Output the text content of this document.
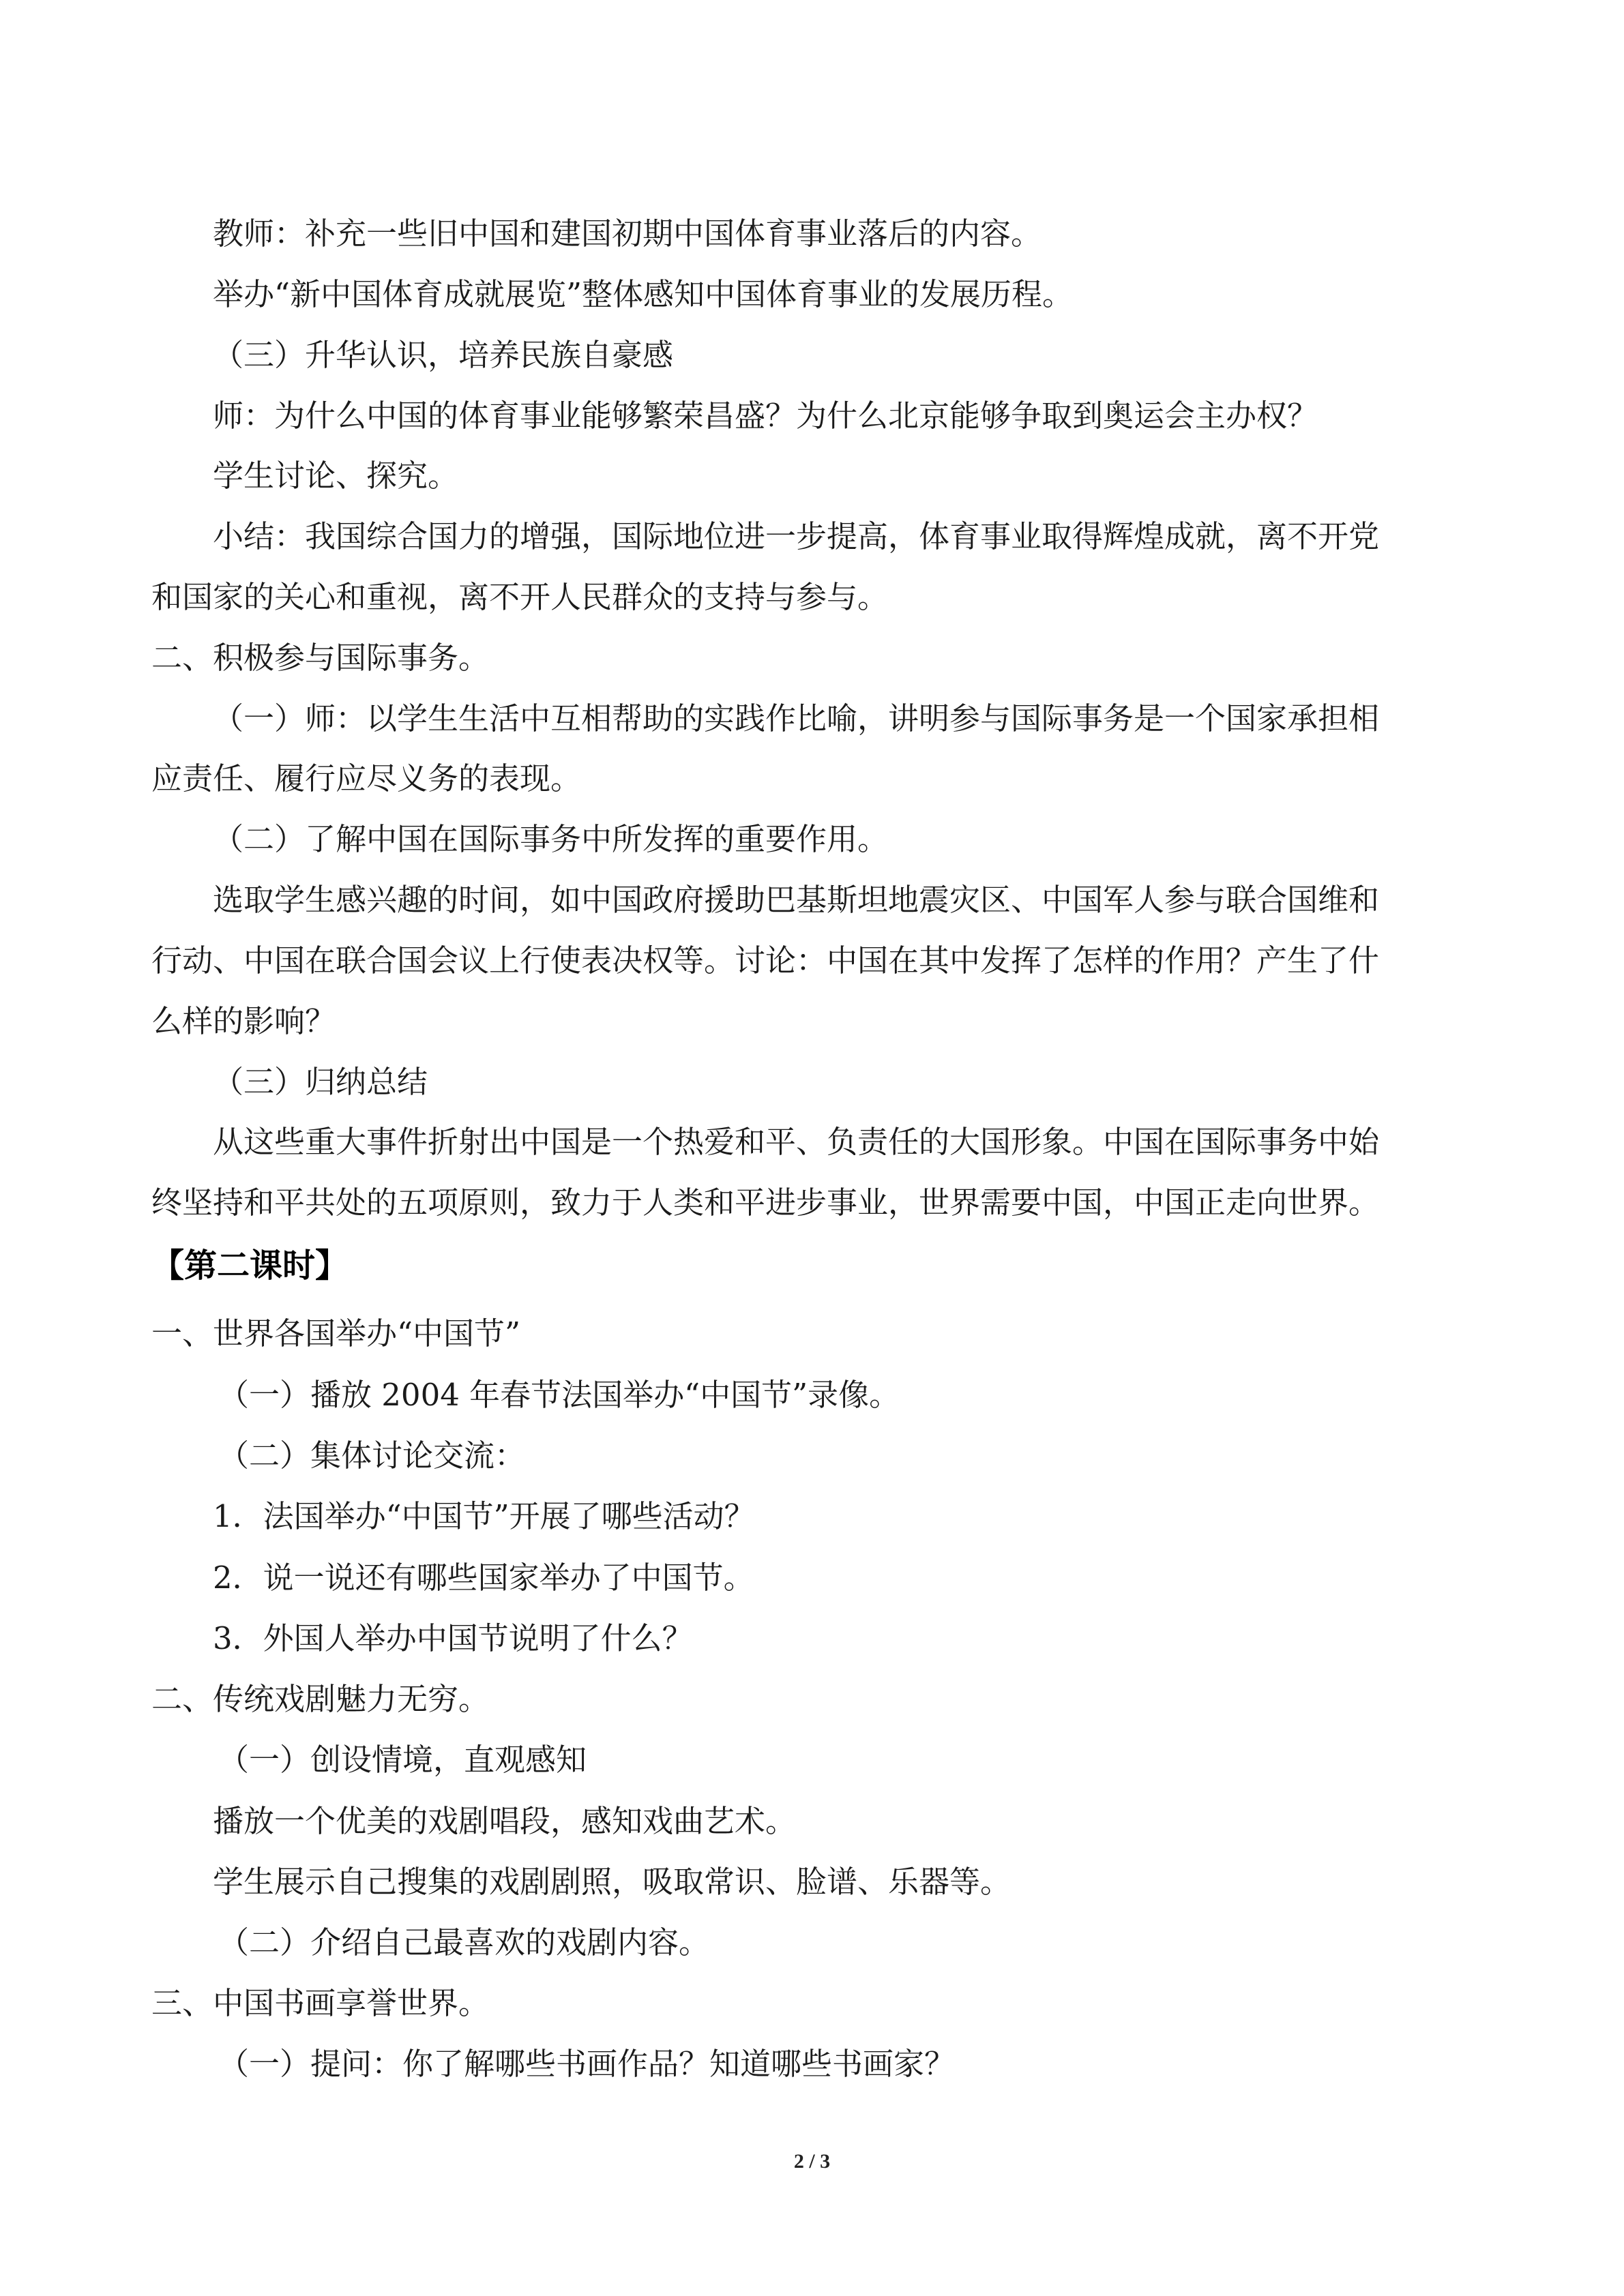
教师：补充一些旧中国和建国初期中国体育事业落后的内容。
举办“新中国体育成就展览”整体感知中国体育事业的发展历程。
（三）升华认识，培养民族自豪感
师：为什么中国的体育事业能够繁荣昌盛？为什么北京能够争取到奥运会主办权？
学生讨论、探究。
小结：我国综合国力的增强，国际地位进一步提高，体育事业取得辉煌成就，离不开党
和国家的关心和重视，离不开人民群众的支持与参与。
二、积极参与国际事务。
（一）师：以学生生活中互相帮助的实践作比喻，讲明参与国际事务是一个国家承担相
应责任、履行应尽义务的表现。
（二）了解中国在国际事务中所发挥的重要作用。
选取学生感兴趣的时间，如中国政府援助巴基斯坦地震灾区、中国军人参与联合国维和
行动、中国在联合国会议上行使表决权等。讨论：中国在其中发挥了怎样的作用？产生了什
么样的影响？
（三）归纳总结
从这些重大事件折射出中国是一个热爱和平、负责任的大国形象。中国在国际事务中始
终坚持和平共处的五项原则，致力于人类和平进步事业，世界需要中国，中国正走向世界。
【第二课时】
一、世界各国举办“中国节”
（一）播放 2004 年春节法国举办“中国节”录像。
（二）集体讨论交流：
1．法国举办“中国节”开展了哪些活动？
2．说一说还有哪些国家举办了中国节。
3．外国人举办中国节说明了什么？
二、传统戏剧魅力无穷。
（一）创设情境，直观感知
播放一个优美的戏剧唱段，感知戏曲艺术。
学生展示自己搜集的戏剧剧照，吸取常识、脸谱、乐器等。
（二）介绍自己最喜欢的戏剧内容。
三、中国书画享誉世界。
（一）提问：你了解哪些书画作品？知道哪些书画家？
2 / 3
